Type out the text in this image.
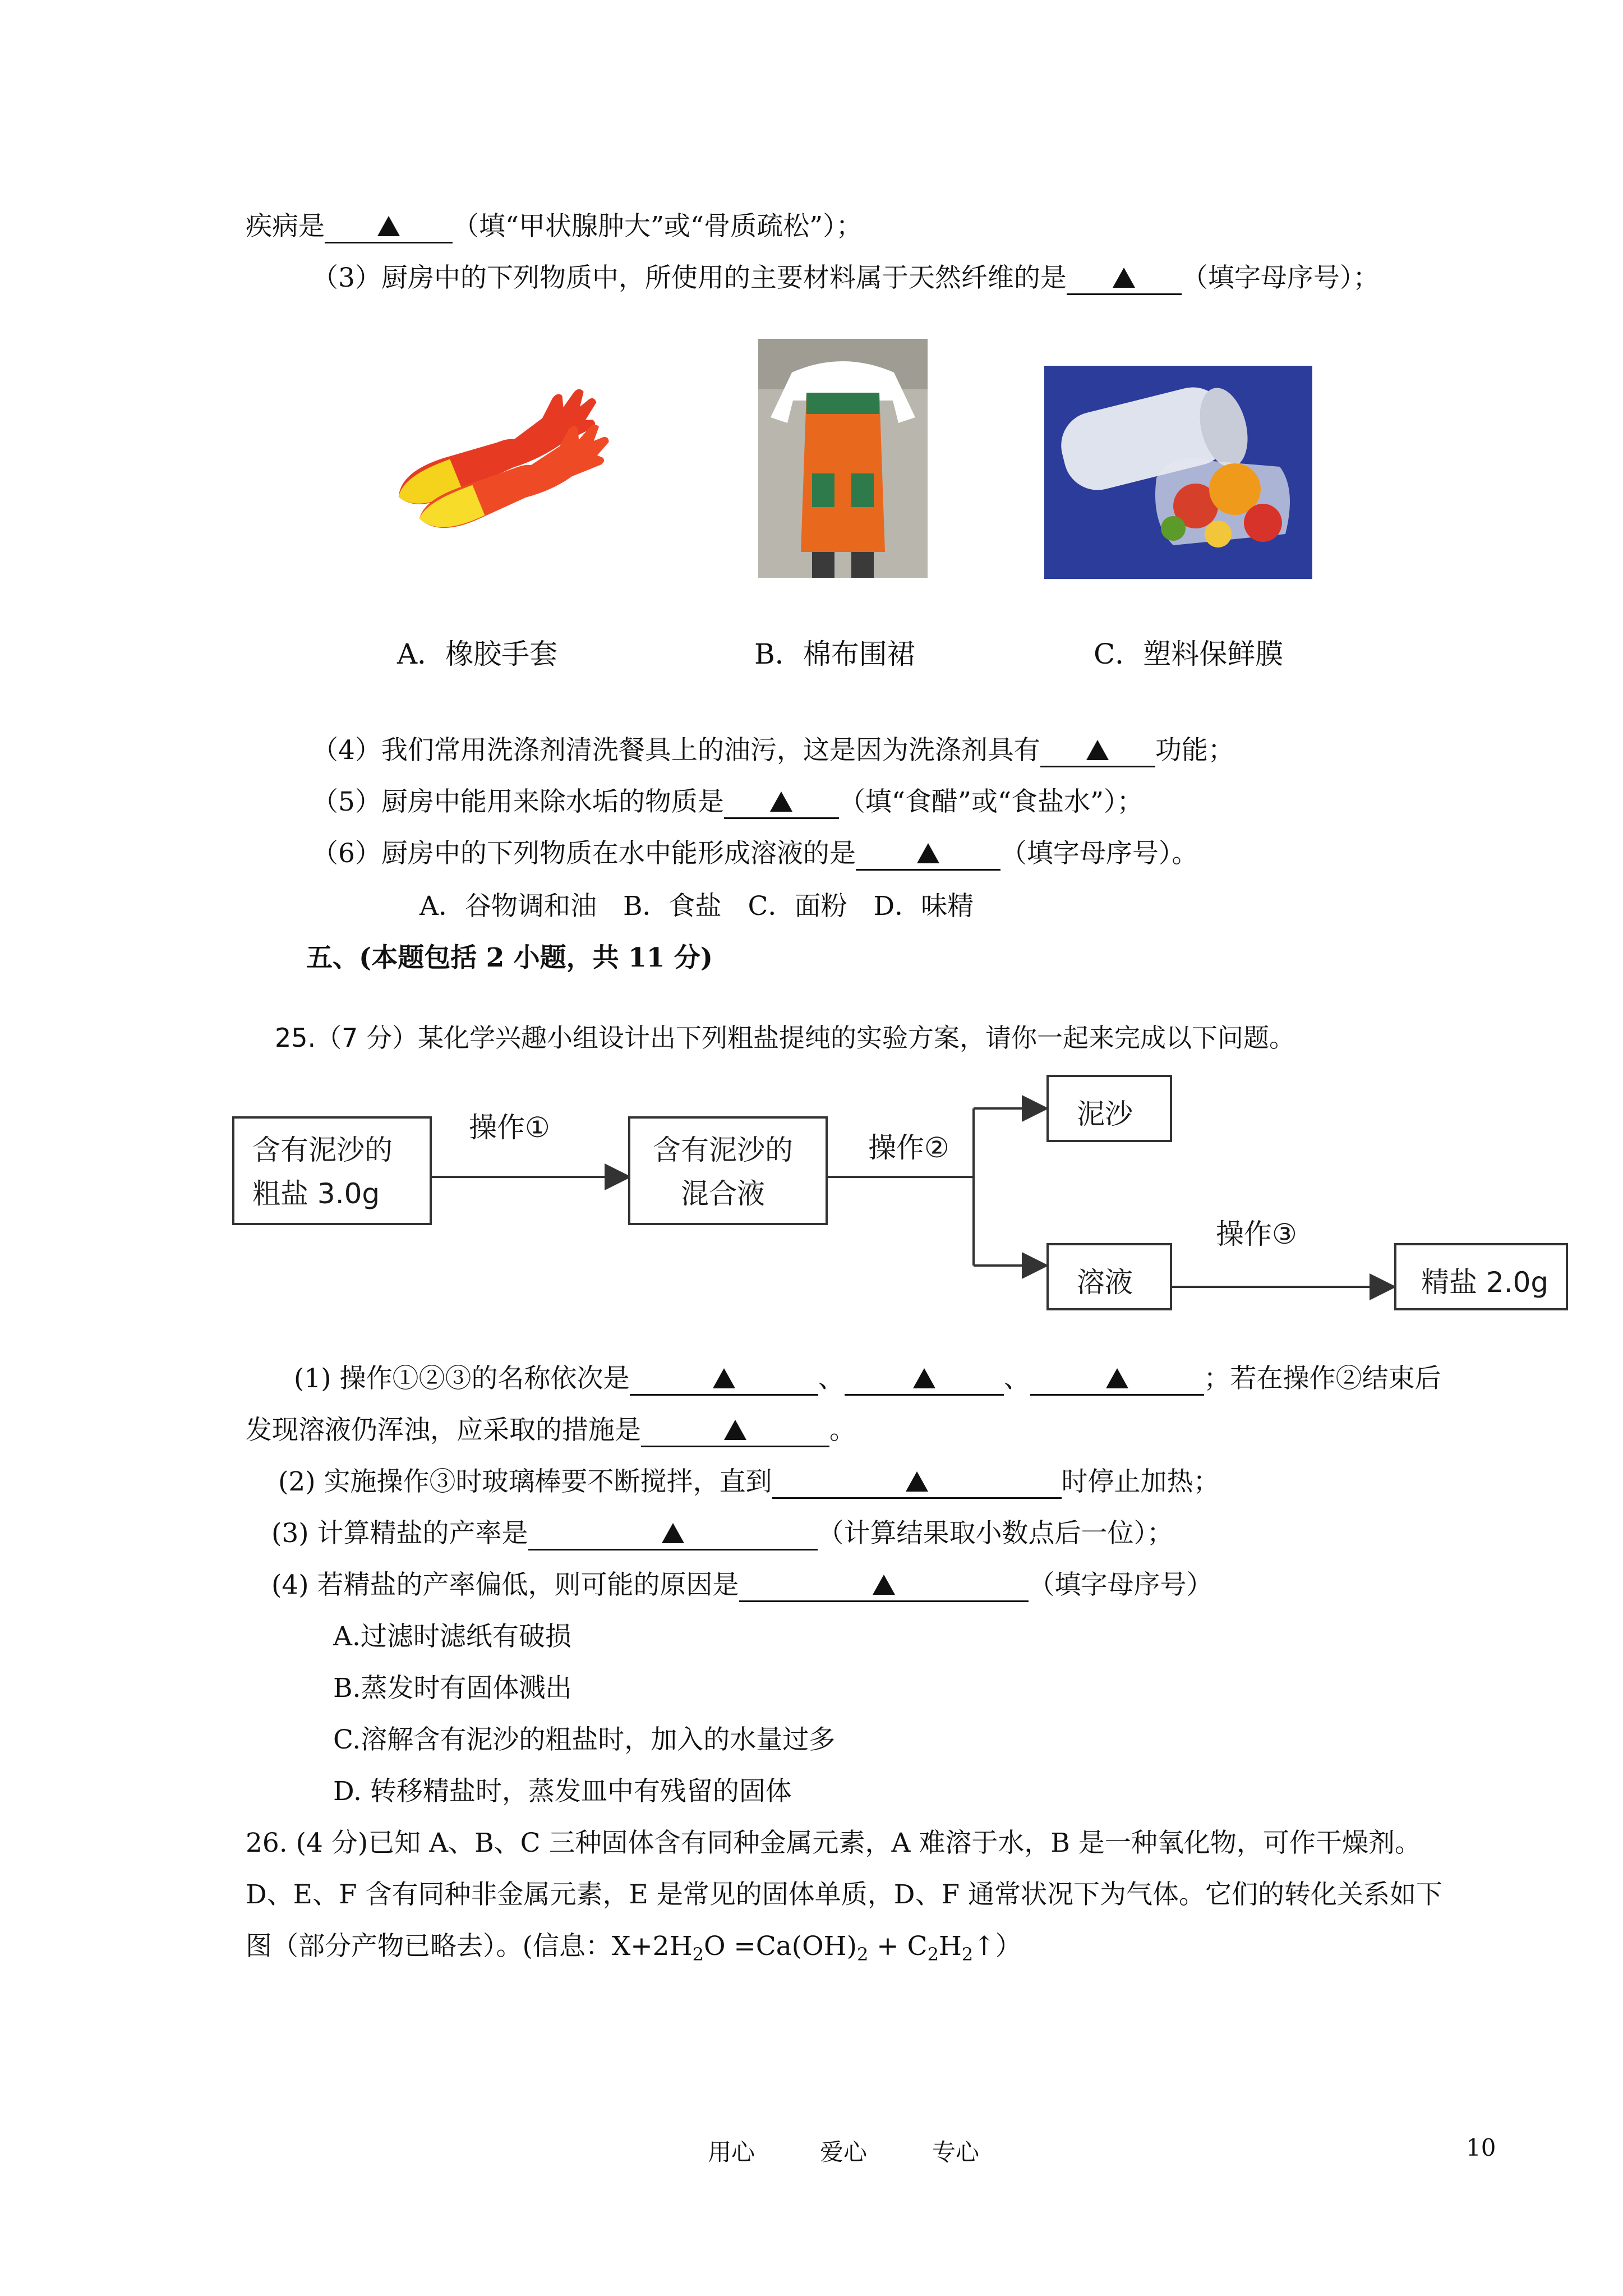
疾病是	（填“甲状腺肿大”或“骨质疏松”）；
（3）厨房中的下列物质中，所使用的主要材料属于天然纤维的是	（填字母序号）；
A．橡胶手套	B．棉布围裙	C．塑料保鲜膜
（4）我们常用洗涤剂清洗餐具上的油污，这是因为洗涤剂具有	功能；
（5）厨房中能用来除水垢的物质是	（填“食醋”或“食盐水”）；
（6）厨房中的下列物质在水中能形成溶液的是	（填字母序号）。
A．谷物调和油　B．食盐　C．面粉　D．味精
五、(本题包括 2 小题，共 11 分)
25.（7 分）某化学兴趣小组设计出下列粗盐提纯的实验方案，请你一起来完成以下问题。
含有泥沙的
粗盐 3.0g
操作①
含有泥沙的
混合液
操作②
泥沙
溶液
操作③
精盐 2.0g
(1) 操作①②③的名称依次是	、	、	；若在操作②结束后
发现溶液仍浑浊，应采取的措施是	。
(2) 实施操作③时玻璃棒要不断搅拌，直到	时停止加热；
(3) 计算精盐的产率是	（计算结果取小数点后一位）；
(4) 若精盐的产率偏低，则可能的原因是	（填字母序号）
A.过滤时滤纸有破损
B.蒸发时有固体溅出
C.溶解含有泥沙的粗盐时，加入的水量过多
D. 转移精盐时，蒸发皿中有残留的固体
26. (4 分)已知 A、B、C 三种固体含有同种金属元素，A 难溶于水，B 是一种氧化物，可作干燥剂。
D、E、F 含有同种非金属元素，E 是常见的固体单质，D、F 通常状况下为气体。它们的转化关系如下
图（部分产物已略去）。(信息：$X+2H_2O =Ca(OH)_2$ + $C_2H_2↑$）
用心	爱心	专心	10
